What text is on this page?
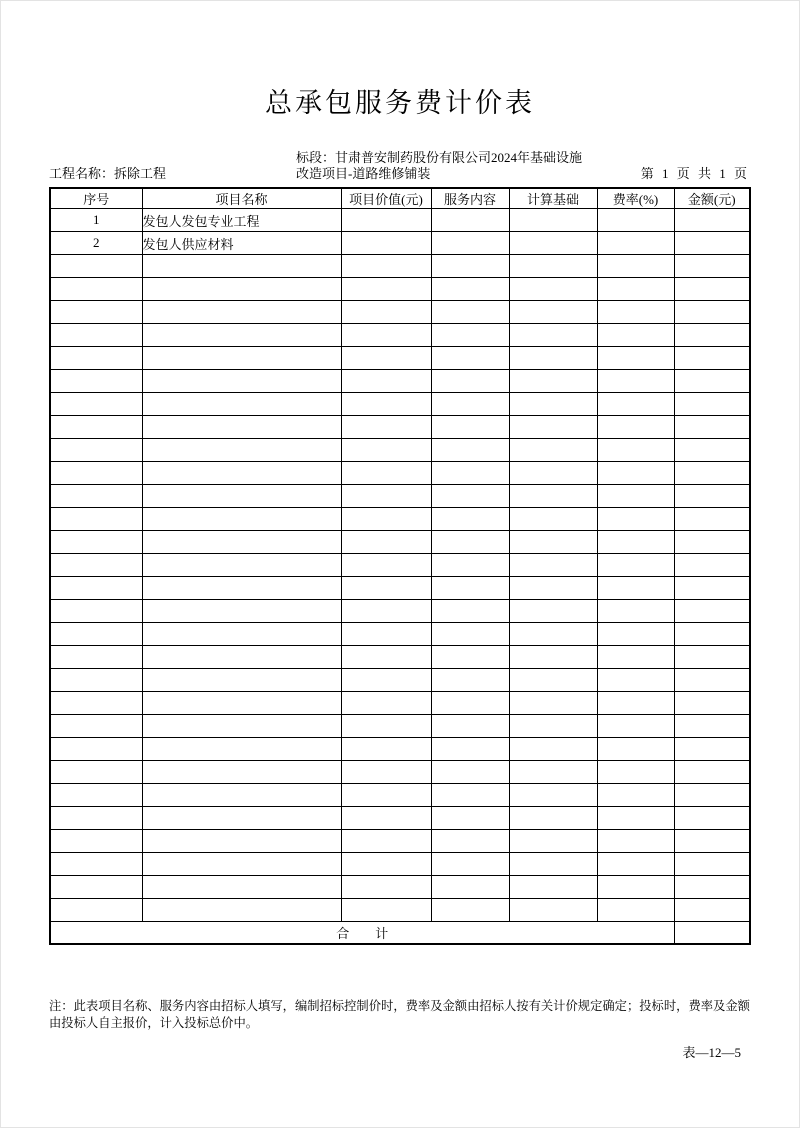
总承包服务费计价表
工程名称：拆除工程
标段：甘肃普安制药股份有限公司2024年基础设施
改造项目-道路维修铺装	第 1 页 共 1 页
序号	项目名称	项目价值(元)	服务内容	计算基础	费率(%)	金额(元)
1	发包人发包专业工程					
2	发包人供应材料					

合　　计						
注：此表项目名称、服务内容由招标人填写，编制招标控制价时，费率及金额由招标人按有关计价规定确定；投标时，费率及金额
由投标人自主报价，计入投标总价中。
表—12—5
